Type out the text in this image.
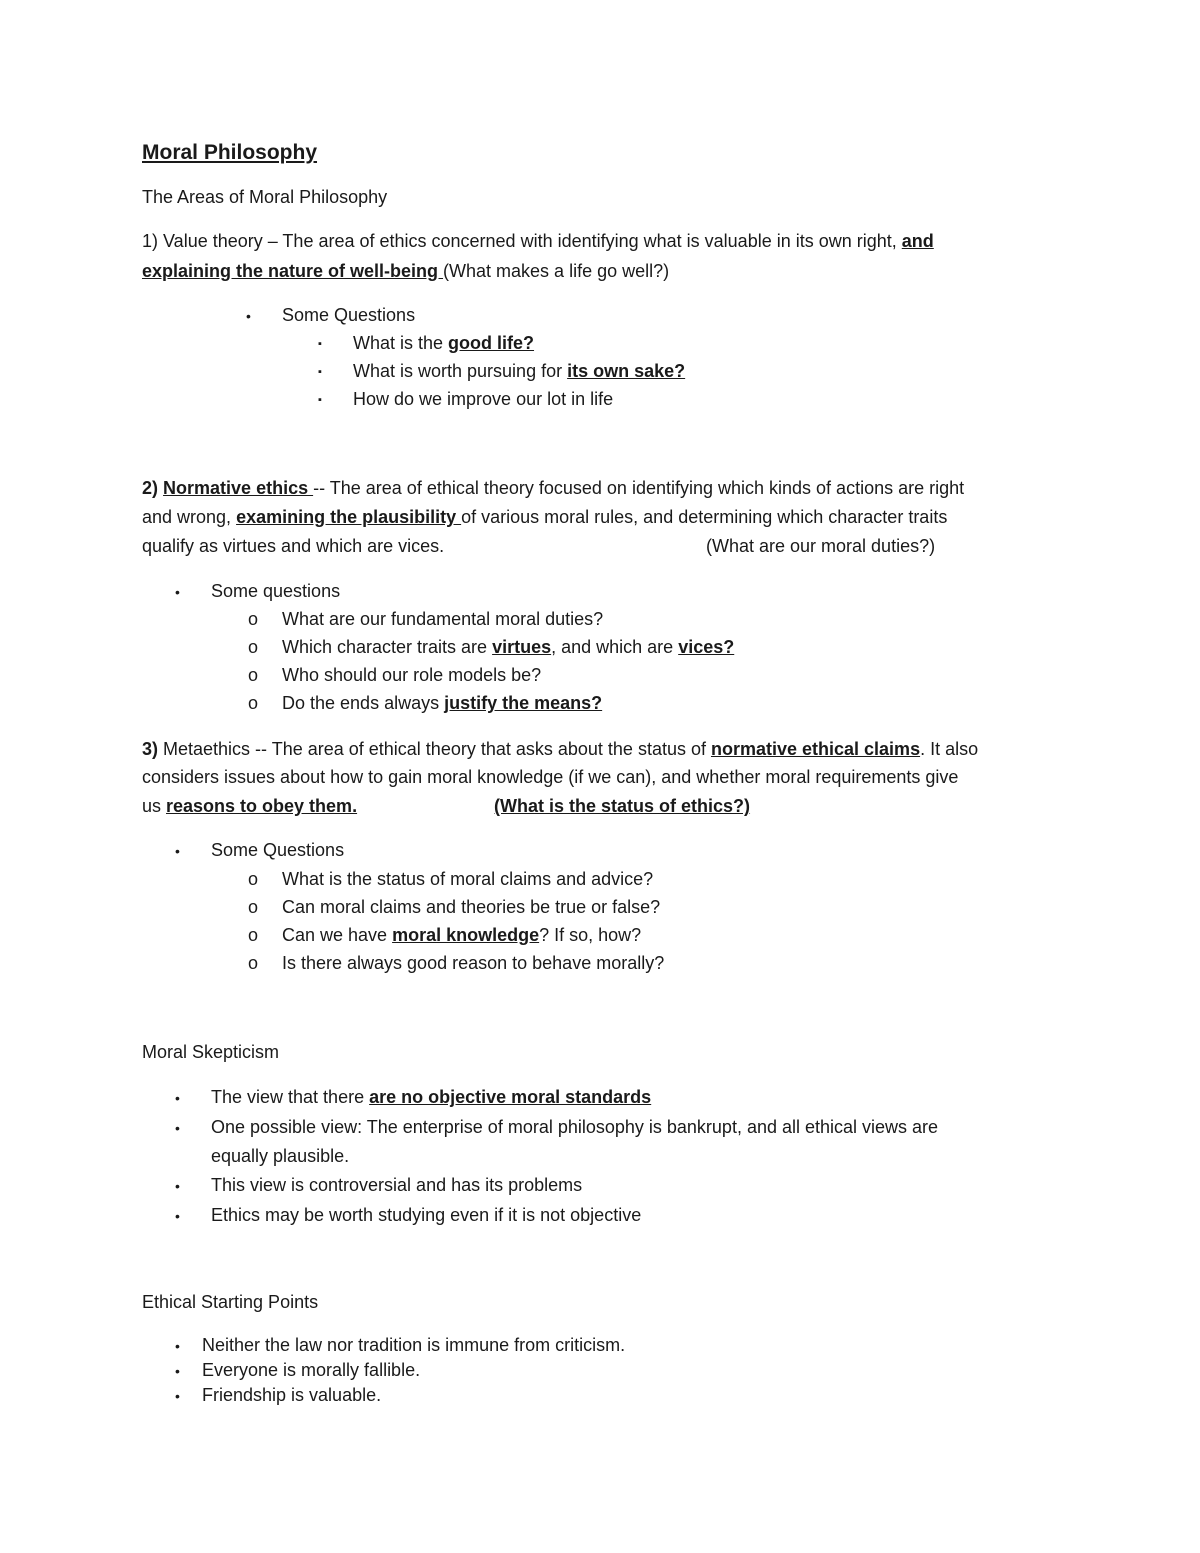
Moral Philosophy
The Areas of Moral Philosophy
1) Value theory – The area of ethics concerned with identifying what is valuable in its own right, and
explaining the nature of well-being (What makes a life go well?)
• Some Questions
▪ What is the good life?
▪ What is worth pursuing for its own sake?
▪ How do we improve our lot in life
2) Normative ethics -- The area of ethical theory focused on identifying which kinds of actions are right
and wrong, examining the plausibility of various moral rules, and determining which character traits
qualify as virtues and which are vices.	(What are our moral duties?)
• Some questions
o What are our fundamental moral duties?
o Which character traits are virtues, and which are vices?
o Who should our role models be?
o Do the ends always justify the means?
3) Metaethics -- The area of ethical theory that asks about the status of normative ethical claims. It also
considers issues about how to gain moral knowledge (if we can), and whether moral requirements give
us reasons to obey them.	(What is the status of ethics?)
• Some Questions
o What is the status of moral claims and advice?
o Can moral claims and theories be true or false?
o Can we have moral knowledge? If so, how?
o Is there always good reason to behave morally?
Moral Skepticism
• The view that there are no objective moral standards
• One possible view: The enterprise of moral philosophy is bankrupt, and all ethical views are
equally plausible.
• This view is controversial and has its problems
• Ethics may be worth studying even if it is not objective
Ethical Starting Points
• Neither the law nor tradition is immune from criticism.
• Everyone is morally fallible.
• Friendship is valuable.
